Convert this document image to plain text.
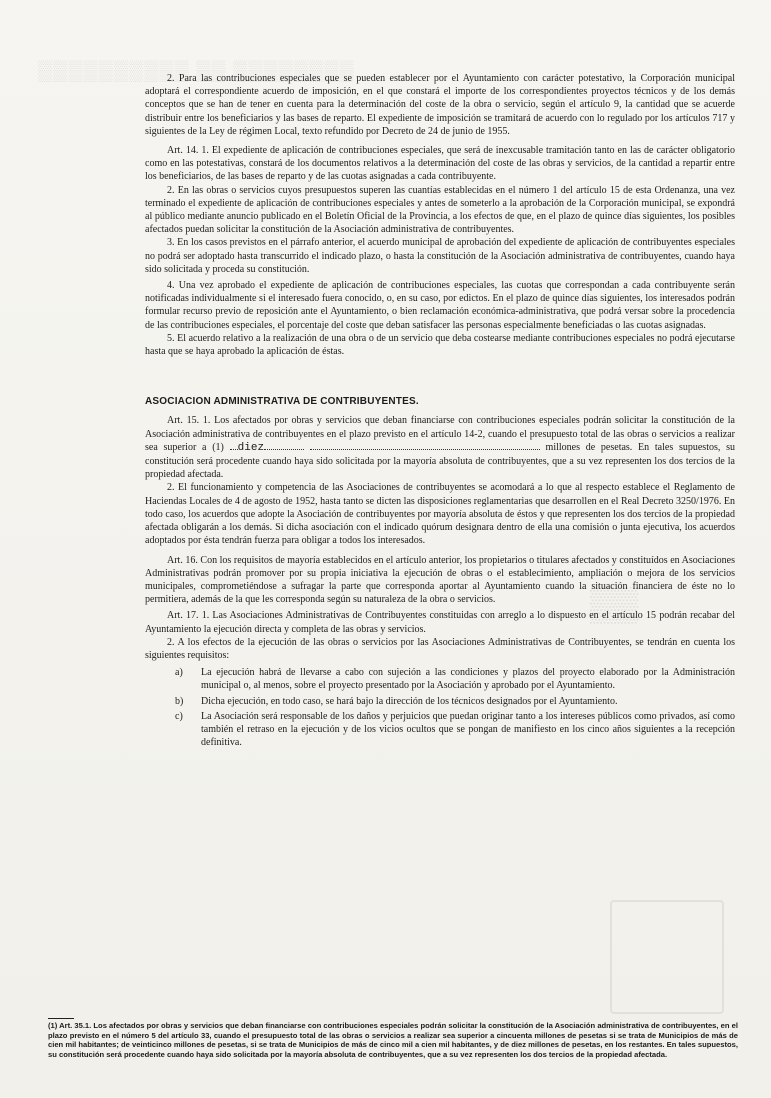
▒▒▒▒▒▒▒▒▒▒ ▒▒ ▒▒▒▒▒▒▒▒
▒▒

2. Para las contribuciones especiales que se pueden establecer por el Ayuntamiento con carácter potestativo, la Corporación municipal adoptará el correspondiente acuerdo de imposición, en el que constará el importe de los correspondientes proyectos técnicos y de los demás conceptos que se han de tener en cuenta para la determinación del coste de la obra o servicio, según el artículo 9, la cantidad que se acuerde distribuir entre los beneficiarios y las bases de reparto. El expediente de imposición se tramitará de acuerdo con lo regulado por los artículos 717 y siguientes de la Ley de régimen Local, texto refundido por Decreto de 24 de junio de 1955.

Art. 14. 1. El expediente de aplicación de contribuciones especiales, que será de inexcusable tramitación tanto en las de carácter obligatorio como en las potestativas, constará de los documentos relativos a la determinación del coste de las obras y servicios, de la cantidad a repartir entre los beneficiarios, de las bases de reparto y de las cuotas asignadas a cada contribuyente.

2. En las obras o servicios cuyos presupuestos superen las cuantías establecidas en el número 1 del artículo 15 de esta Ordenanza, una vez terminado el expediente de aplicación de contribuciones especiales y antes de someterlo a la aprobación de la Corporación municipal, se expondrá al público mediante anuncio publicado en el Boletín Oficial de la Provincia, a los efectos de que, en el plazo de quince días siguientes, los posibles afectados puedan solicitar la constitución de la Asociación administrativa de contribuyentes.

3. En los casos previstos en el párrafo anterior, el acuerdo municipal de aprobación del expediente de aplicación de contribuyentes especiales no podrá ser adoptado hasta transcurrido el indicado plazo, o hasta la constitución de la Asociación administrativa de contribuyentes, cuando haya sido solicitada y proceda su constitución.

4. Una vez aprobado el expediente de aplicación de contribuciones especiales, las cuotas que correspondan a cada contribuyente serán notificadas individualmente si el interesado fuera conocido, o, en su caso, por edictos. En el plazo de quince días siguientes, los interesados podrán formular recurso previo de reposición ante el Ayuntamiento, o bien reclamación económica-administrativa, que podrá versar sobre la procedencia de las contribuciones especiales, el porcentaje del coste que deban satisfacer las personas especialmente beneficiadas o las cuotas asignadas.

5. El acuerdo relativo a la realización de una obra o de un servicio que deba costearse mediante contribuciones especiales no podrá ejecutarse hasta que se haya aprobado la aplicación de éstas.

ASOCIACION ADMINISTRATIVA DE CONTRIBUYENTES.

Art. 15. 1. Los afectados por obras y servicios que deban financiarse con contribuciones especiales podrán solicitar la constitución de la Asociación administrativa de contribuyentes en el plazo previsto en el artículo 14-2, cuando el presupuesto total de las obras o servicios a realizar sea superior a (1) diez	millones de pesetas. En tales supuestos, su constitución será procedente cuando haya sido solicitada por la mayoría absoluta de contribuyentes, que a su vez representen los dos tercios de la propiedad afectada.

2. El funcionamiento y competencia de las Asociaciones de contribuyentes se acomodará a lo que al respecto establece el Reglamento de Haciendas Locales de 4 de agosto de 1952, hasta tanto se dicten las disposiciones reglamentarias que desarrollen en el Real Decreto 3250/1976. En todo caso, los acuerdos que adopte la Asociación de contribuyentes por mayoría absoluta de éstos y que representen los dos tercios de la propiedad afectada obligarán a los demás. Si dicha asociación con el indicado quórum designara dentro de ella una comisión o junta ejecutiva, los acuerdos adoptados por ésta tendrán fuerza para obligar a todos los interesados.

Art. 16. Con los requisitos de mayoría establecidos en el artículo anterior, los propietarios o titulares afectados y constituídos en Asociaciones Administrativas podrán promover por su propia iniciativa la ejecución de obras o el establecimiento, ampliación o mejora de los servicios municipales, comprometiéndose a sufragar la parte que corresponda aportar al Ayuntamiento cuando la situación financiera de éste no lo permitiera, además de la que les corresponda según su naturaleza de la obra o servicios.

Art. 17. 1. Las Asociaciones Administrativas de Contribuyentes constituidas con arreglo a lo dispuesto en el artículo 15 podrán recabar del Ayuntamiento la ejecución directa y completa de las obras y servicios.

2. A los efectos de la ejecución de las obras o servicios por las Asociaciones Administrativas de Contribuyentes, se tendrán en cuenta los siguientes requisitos:

a)	La ejecución habrá de llevarse a cabo con sujeción a las condiciones y plazos del proyecto elaborado por la Administración municipal o, al menos, sobre el proyecto presentado por la Asociación y aprobado por el Ayuntamiento.
b)	Dicha ejecución, en todo caso, se hará bajo la dirección de los técnicos designados por el Ayuntamiento.
c)	La Asociación será responsable de los daños y perjuicios que puedan originar tanto a los intereses públicos como privados, así como también el retraso en la ejecución y de los vicios ocultos que se pongan de manifiesto en los cinco años siguientes a la recepción definitiva.
(1) Art. 35.1. Los afectados por obras y servicios que deban financiarse con contribuciones especiales podrán solicitar la constitución de la Asociación administrativa de contribuyentes, en el plazo previsto en el número 5 del artículo 33, cuando el presupuesto total de las obras o servicios a realizar sea superior a cincuenta millones de pesetas si se trata de Municipios de más de cien mil habitantes; de veinticinco millones de pesetas, si se trata de Municipios de más de cinco mil a cien mil habitantes, y de diez millones de pesetas, en los restantes. En tales supuestos, su constitución será procedente cuando haya sido solicitada por la mayoría absoluta de contribuyentes, que a su vez representen los dos tercios de la propiedad afectada.
